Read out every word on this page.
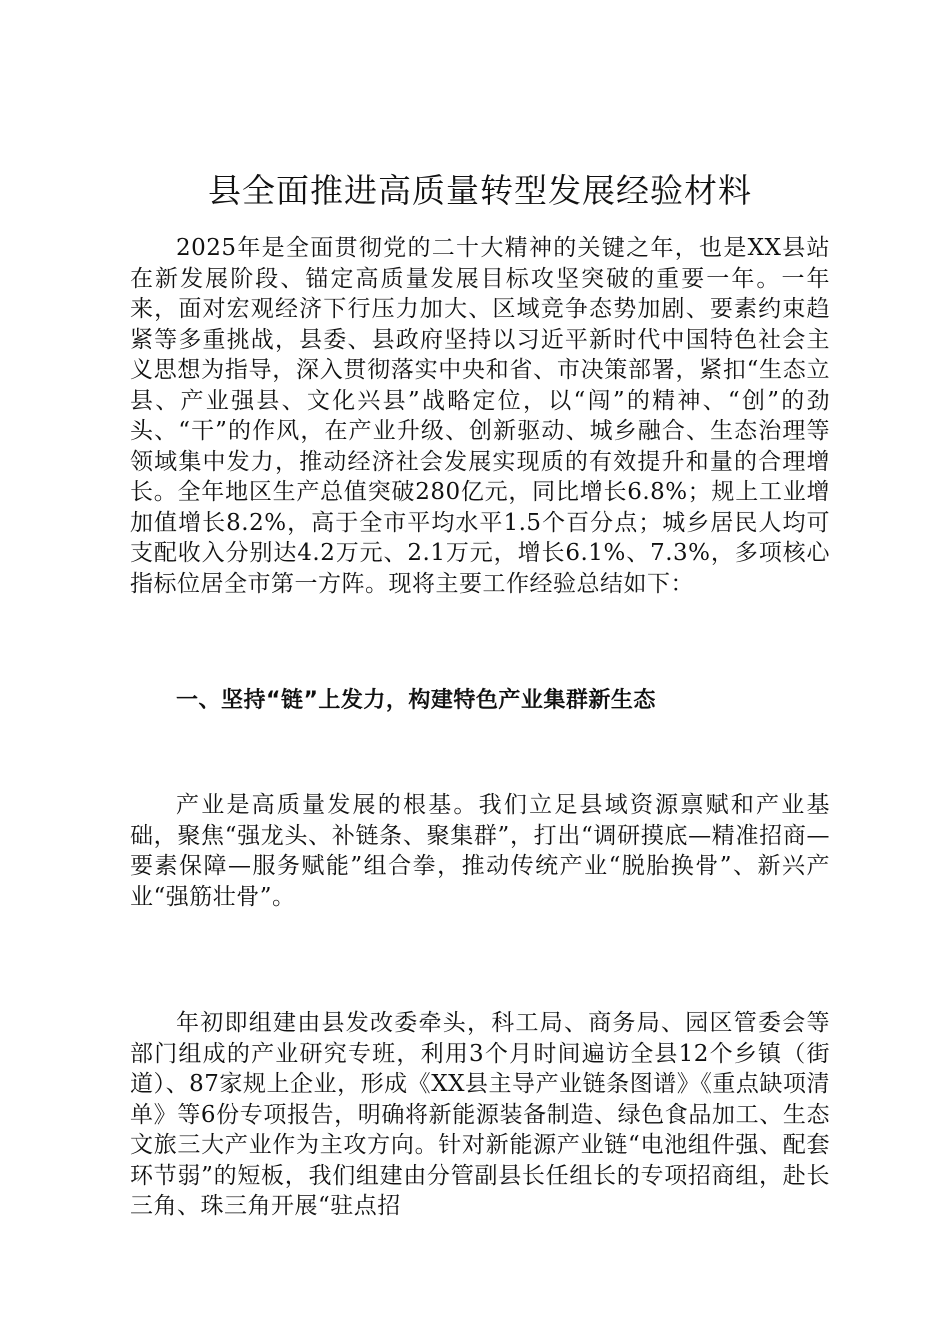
县全面推进高质量转型发展经验材料

2025年是全面贯彻党的二十大精神的关键之年，也是XX县站在新发展阶段、锚定高质量发展目标攻坚突破的重要一年。一年来，面对宏观经济下行压力加大、区域竞争态势加剧、要素约束趋紧等多重挑战，县委、县政府坚持以习近平新时代中国特色社会主义思想为指导，深入贯彻落实中央和省、市决策部署，紧扣“生态立县、产业强县、文化兴县”战略定位，以“闯”的精神、“创”的劲头、“干”的作风，在产业升级、创新驱动、城乡融合、生态治理等领域集中发力，推动经济社会发展实现质的有效提升和量的合理增长。全年地区生产总值突破280亿元，同比增长6.8%；规上工业增加值增长8.2%，高于全市平均水平1.5个百分点；城乡居民人均可支配收入分别达4.2万元、2.1万元，增长6.1%、7.3%，多项核心指标位居全市第一方阵。现将主要工作经验总结如下：

一、坚持“链”上发力，构建特色产业集群新生态

产业是高质量发展的根基。我们立足县域资源禀赋和产业基础，聚焦“强龙头、补链条、聚集群”，打出“调研摸底—精准招商—要素保障—服务赋能”组合拳，推动传统产业“脱胎换骨”、新兴产业“强筋壮骨”。

年初即组建由县发改委牵头，科工局、商务局、园区管委会等部门组成的产业研究专班，利用3个月时间遍访全县12个乡镇（街道）、87家规上企业，形成《XX县主导产业链条图谱》《重点缺项清单》等6份专项报告，明确将新能源装备制造、绿色食品加工、生态文旅三大产业作为主攻方向。针对新能源产业链“电池组件强、配套环节弱”的短板，我们组建由分管副县长任组长的专项招商组，赴长三角、珠三角开展“驻点招
